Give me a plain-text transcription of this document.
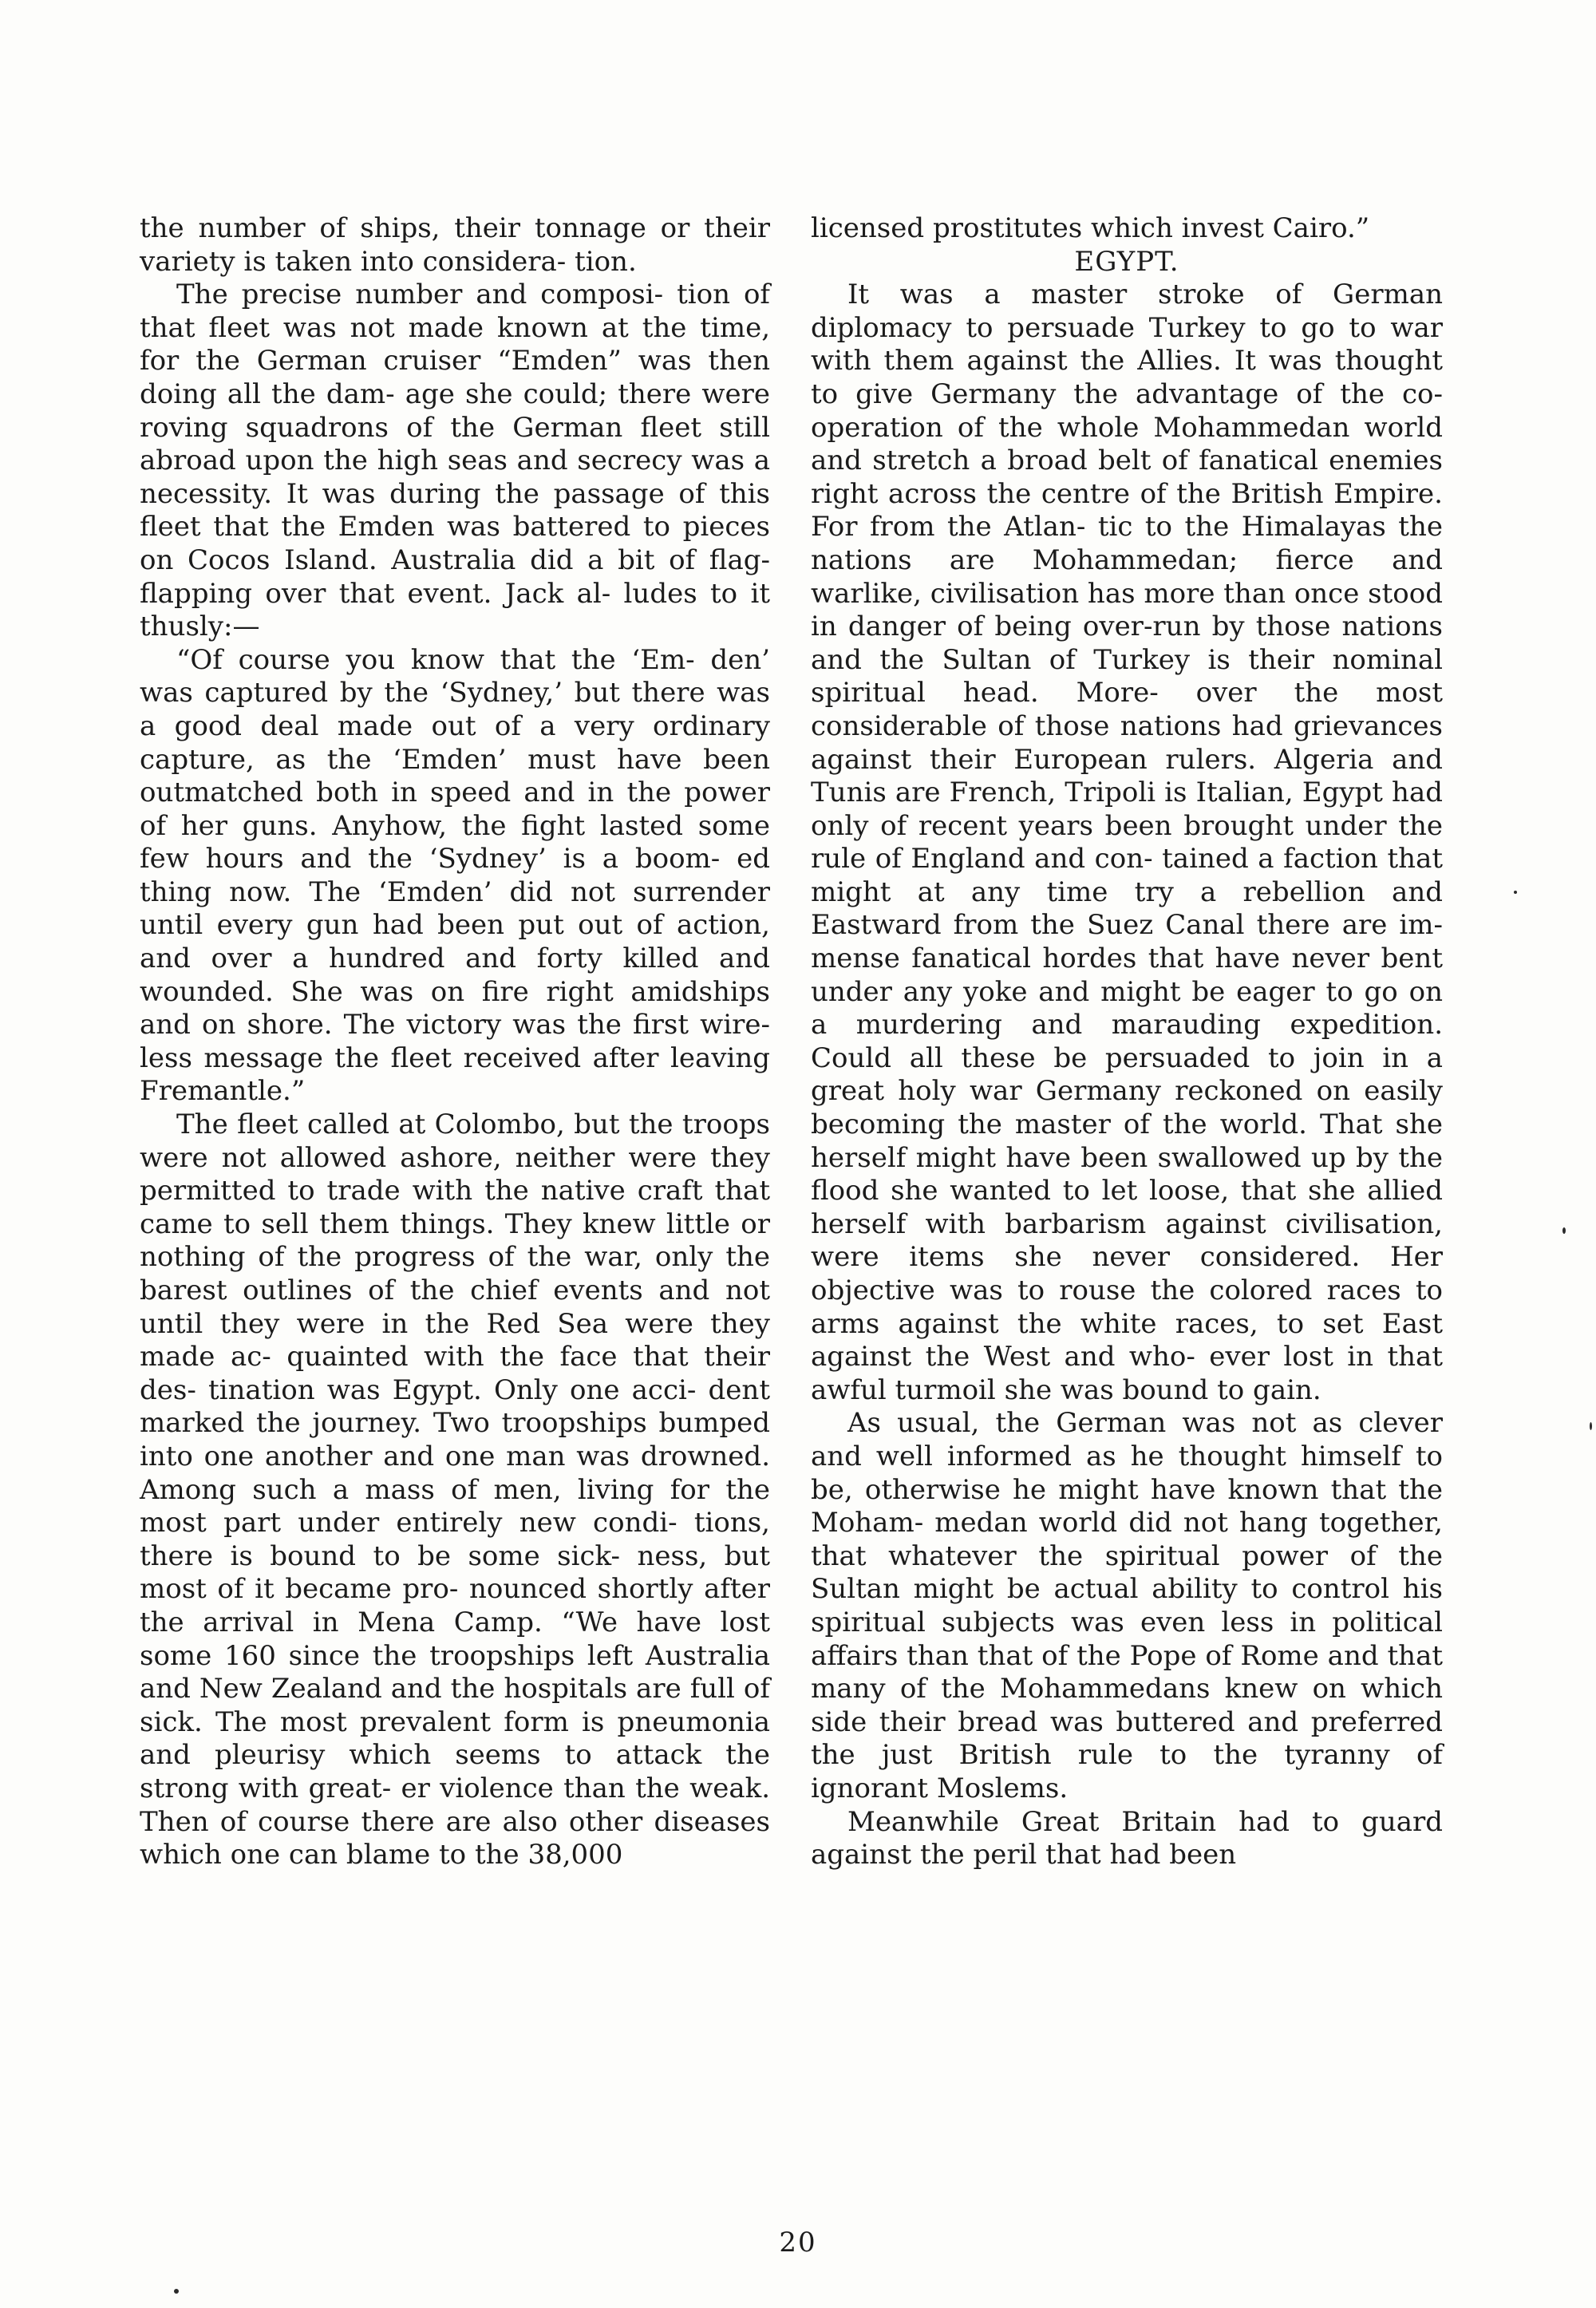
the number of ships, their tonnage or their variety is taken into considera- tion.

The precise number and composi- tion of that fleet was not made known at the time, for the German cruiser “Emden” was then doing all the dam- age she could; there were roving squadrons of the German fleet still abroad upon the high seas and secrecy was a necessity. It was during the passage of this fleet that the Emden was battered to pieces on Cocos Island. Australia did a bit of flag- flapping over that event. Jack al- ludes to it thusly:—

“Of course you know that the ‘Em- den’ was captured by the ‘Sydney,’ but there was a good deal made out of a very ordinary capture, as the ‘Emden’ must have been outmatched both in speed and in the power of her guns. Anyhow, the fight lasted some few hours and the ‘Sydney’ is a boom- ed thing now. The ‘Emden’ did not surrender until every gun had been put out of action, and over a hundred and forty killed and wounded. She was on fire right amidships and on shore. The victory was the first wire- less message the fleet received after leaving Fremantle.”

The fleet called at Colombo, but the troops were not allowed ashore, neither were they permitted to trade with the native craft that came to sell them things. They knew little or nothing of the progress of the war, only the barest outlines of the chief events and not until they were in the Red Sea were they made ac- quainted with the face that their des- tination was Egypt. Only one acci- dent marked the journey. Two troopships bumped into one another and one man was drowned. Among such a mass of men, living for the most part under entirely new condi- tions, there is bound to be some sick- ness, but most of it became pro- nounced shortly after the arrival in Mena Camp. “We have lost some 160 since the troopships left Australia and New Zealand and the hospitals are full of sick. The most prevalent form is pneumonia and pleurisy which seems to attack the strong with great- er violence than the weak. Then of course there are also other diseases which one can blame to the 38,000

licensed prostitutes which invest Cairo.”

EGYPT.

It was a master stroke of German diplomacy to persuade Turkey to go to war with them against the Allies. It was thought to give Germany the advantage of the co-operation of the whole Mohammedan world and stretch a broad belt of fanatical enemies right across the centre of the British Empire. For from the Atlan- tic to the Himalayas the nations are Mohammedan; fierce and warlike, civilisation has more than once stood in danger of being over-run by those nations and the Sultan of Turkey is their nominal spiritual head. More- over the most considerable of those nations had grievances against their European rulers. Algeria and Tunis are French, Tripoli is Italian, Egypt had only of recent years been brought under the rule of England and con- tained a faction that might at any time try a rebellion and Eastward from the Suez Canal there are im- mense fanatical hordes that have never bent under any yoke and might be eager to go on a murdering and marauding expedition. Could all these be persuaded to join in a great holy war Germany reckoned on easily becoming the master of the world. That she herself might have been swallowed up by the flood she wanted to let loose, that she allied herself with barbarism against civilisation, were items she never considered. Her objective was to rouse the colored races to arms against the white races, to set East against the West and who- ever lost in that awful turmoil she was bound to gain.

As usual, the German was not as clever and well informed as he thought himself to be, otherwise he might have known that the Moham- medan world did not hang together, that whatever the spiritual power of the Sultan might be actual ability to control his spiritual subjects was even less in political affairs than that of the Pope of Rome and that many of the Mohammedans knew on which side their bread was buttered and preferred the just British rule to the tyranny of ignorant Moslems.

Meanwhile Great Britain had to guard against the peril that had been

20
